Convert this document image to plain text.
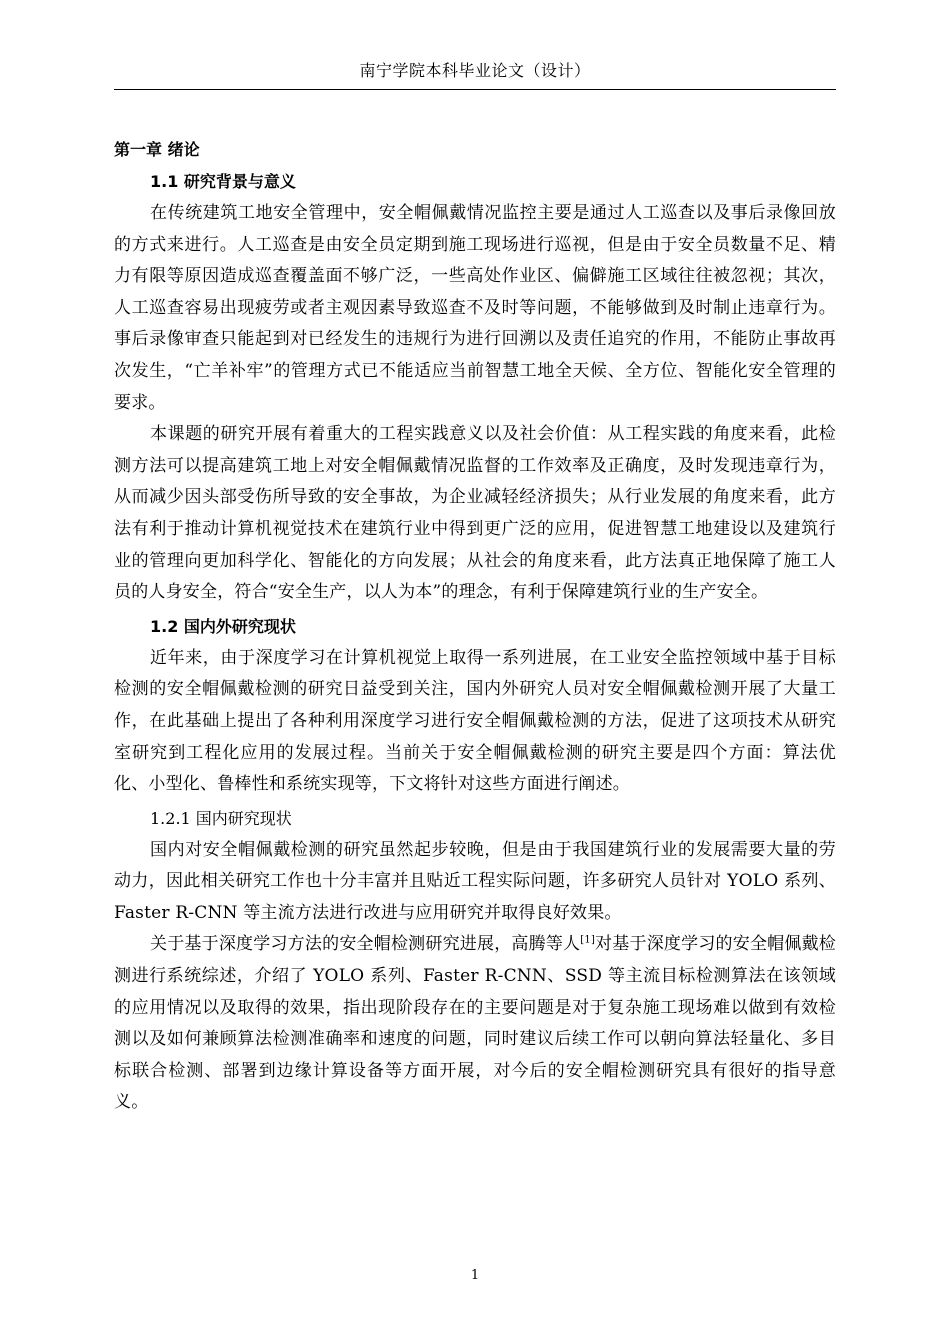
南宁学院本科毕业论文（设计）
第一章 绪论
1.1 研究背景与意义

在传统建筑工地安全管理中，安全帽佩戴情况监控主要是通过人工巡查以及事后录像回放的方式来进行。人工巡查是由安全员定期到施工现场进行巡视，但是由于安全员数量不足、精力有限等原因造成巡查覆盖面不够广泛，一些高处作业区、偏僻施工区域往往被忽视；其次，人工巡查容易出现疲劳或者主观因素导致巡查不及时等问题，不能够做到及时制止违章行为。事后录像审查只能起到对已经发生的违规行为进行回溯以及责任追究的作用，不能防止事故再次发生，“亡羊补牢”的管理方式已不能适应当前智慧工地全天候、全方位、智能化安全管理的要求。

本课题的研究开展有着重大的工程实践意义以及社会价值：从工程实践的角度来看，此检测方法可以提高建筑工地上对安全帽佩戴情况监督的工作效率及正确度，及时发现违章行为，从而减少因头部受伤所导致的安全事故，为企业减轻经济损失；从行业发展的角度来看，此方法有利于推动计算机视觉技术在建筑行业中得到更广泛的应用，促进智慧工地建设以及建筑行业的管理向更加科学化、智能化的方向发展；从社会的角度来看，此方法真正地保障了施工人员的人身安全，符合“安全生产，以人为本”的理念，有利于保障建筑行业的生产安全。

1.2 国内外研究现状

近年来，由于深度学习在计算机视觉上取得一系列进展，在工业安全监控领域中基于目标检测的安全帽佩戴检测的研究日益受到关注，国内外研究人员对安全帽佩戴检测开展了大量工作，在此基础上提出了各种利用深度学习进行安全帽佩戴检测的方法，促进了这项技术从研究室研究到工程化应用的发展过程。当前关于安全帽佩戴检测的研究主要是四个方面：算法优化、小型化、鲁棒性和系统实现等，下文将针对这些方面进行阐述。

1.2.1 国内研究现状

国内对安全帽佩戴检测的研究虽然起步较晚，但是由于我国建筑行业的发展需要大量的劳动力，因此相关研究工作也十分丰富并且贴近工程实际问题，许多研究人员针对 YOLO 系列、Faster R-CNN 等主流方法进行改进与应用研究并取得良好效果。

关于基于深度学习方法的安全帽检测研究进展，高腾等人[1]对基于深度学习的安全帽佩戴检测进行系统综述，介绍了 YOLO 系列、Faster R-CNN、SSD 等主流目标检测算法在该领域的应用情况以及取得的效果，指出现阶段存在的主要问题是对于复杂施工现场难以做到有效检测以及如何兼顾算法检测准确率和速度的问题，同时建议后续工作可以朝向算法轻量化、多目标联合检测、部署到边缘计算设备等方面开展，对今后的安全帽检测研究具有很好的指导意义。

1
